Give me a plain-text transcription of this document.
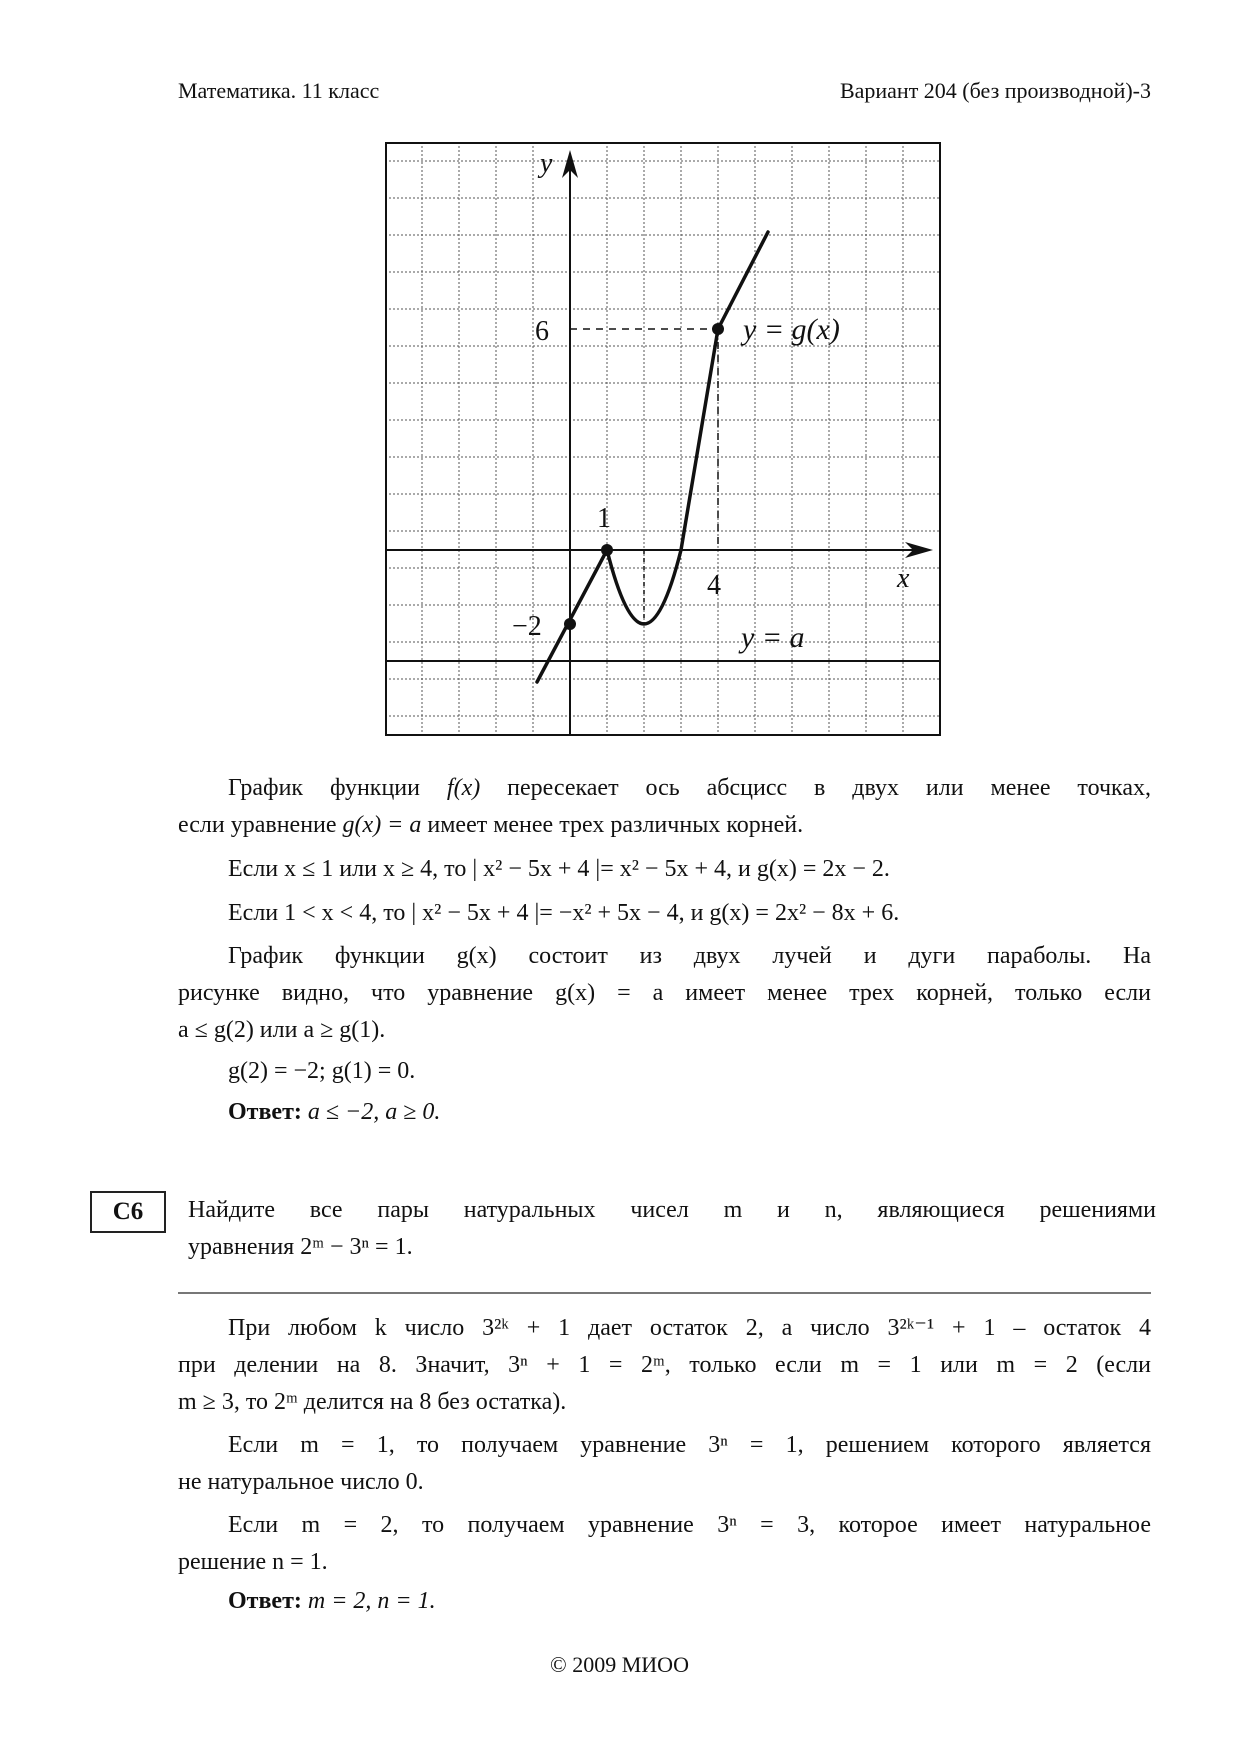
Математика. 11 класс	Вариант 204 (без производной)-3
y
x
6
1
4
−2
y = g(x)
y = a

График функции f(x) пересекает ось абсцисс в двух или менее точках,

если уравнение g(x) = a имеет менее трех различных корней.

Если x ≤ 1 или x ≥ 4, то | x² − 5x + 4 |= x² − 5x + 4, и g(x) = 2x − 2.

Если 1 < x < 4, то | x² − 5x + 4 |= −x² + 5x − 4, и g(x) = 2x² − 8x + 6.

График функции g(x) состоит из двух лучей и дуги параболы. На

рисунке видно, что уравнение g(x) = a имеет менее трех корней, только если

a ≤ g(2) или a ≥ g(1).

g(2) = −2; g(1) = 0.

Ответ: a ≤ −2, a ≥ 0.

C6	Найдите все пары натуральных чисел m и n, являющиеся решениями

уравнения 2ᵐ − 3ⁿ = 1.

При любом k число 3²ᵏ + 1 дает остаток 2, а число 3²ᵏ⁻¹ + 1 – остаток 4

при делении на 8. Значит, 3ⁿ + 1 = 2ᵐ, только если m = 1 или m = 2 (если

m ≥ 3, то 2ᵐ делится на 8 без остатка).

Если m = 1, то получаем уравнение 3ⁿ = 1, решением которого является

не натуральное число 0.

Если m = 2, то получаем уравнение 3ⁿ = 3, которое имеет натуральное

решение n = 1.

Ответ: m = 2, n = 1.

© 2009 МИОО
